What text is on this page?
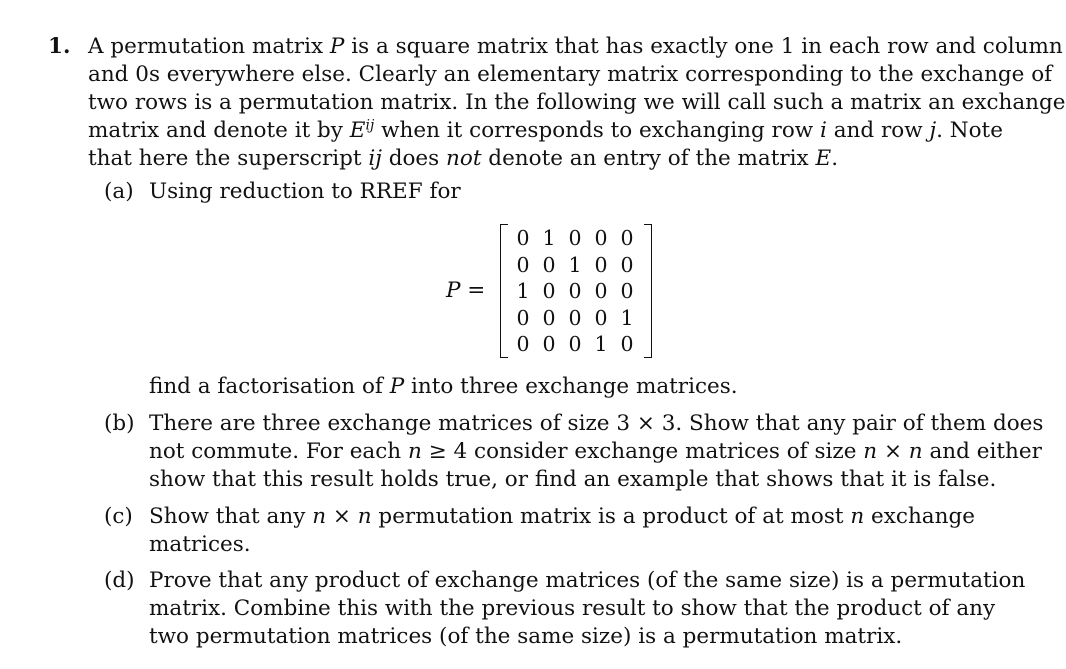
1. A permutation matrix P is a square matrix that has exactly one 1 in each row and column
and 0s everywhere else. Clearly an elementary matrix corresponding to the exchange of
two rows is a permutation matrix. In the following we will call such a matrix an exchange
matrix and denote it by $E^{ij}$ when it corresponds to exchanging row i and row j. Note
that here the superscript ij does not denote an entry of the matrix E.
(a) Using reduction to RREF for
P =
0	1	0	0	0
0	0	1	0	0
1	0	0	0	0
0	0	0	0	1
0	0	0	1	0
find a factorisation of P into three exchange matrices.
(b) There are three exchange matrices of size 3 × 3. Show that any pair of them does
not commute. For each n ≥ 4 consider exchange matrices of size n × n and either
show that this result holds true, or find an example that shows that it is false.
(c) Show that any n × n permutation matrix is a product of at most n exchange
matrices.
(d) Prove that any product of exchange matrices (of the same size) is a permutation
matrix. Combine this with the previous result to show that the product of any
two permutation matrices (of the same size) is a permutation matrix.
